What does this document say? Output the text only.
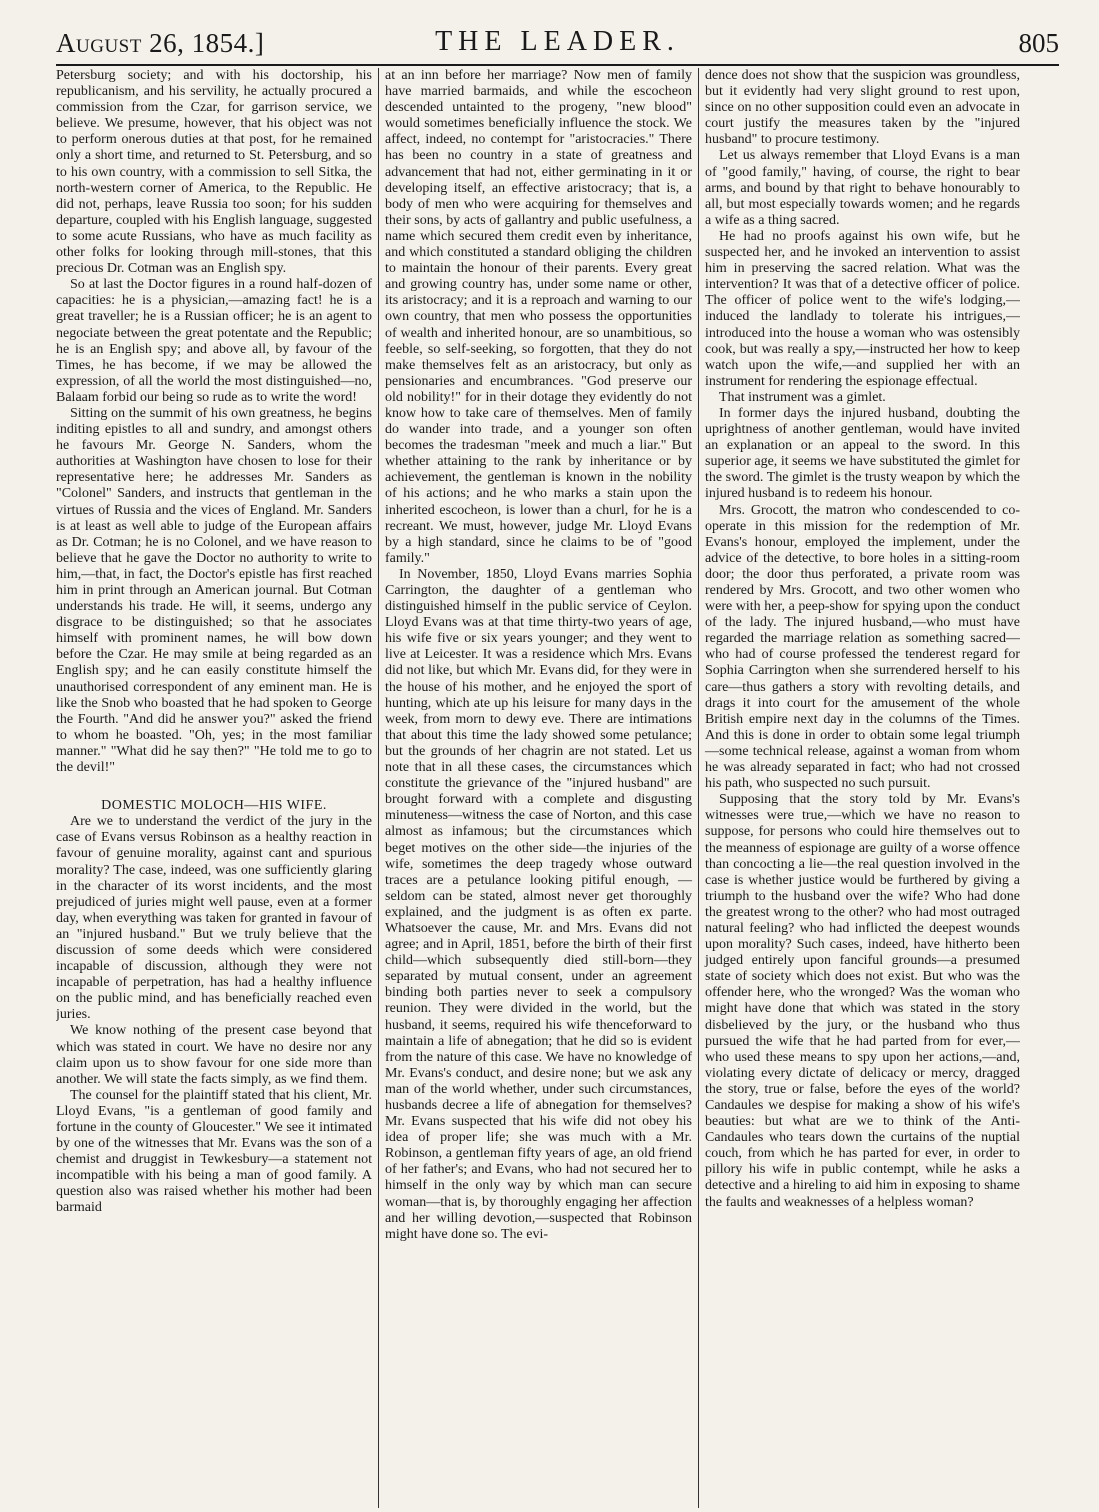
August 26, 1854.]	THE LEADER.	805

Petersburg society; and with his doctorship, his republicanism, and his servility, he actually procured a commission from the Czar, for garrison service, we believe. We presume, however, that his object was not to perform onerous duties at that post, for he remained only a short time, and returned to St. Petersburg, and so to his own country, with a commission to sell Sitka, the north-western corner of America, to the Republic. He did not, perhaps, leave Russia too soon; for his sudden departure, coupled with his English language, suggested to some acute Russians, who have as much facility as other folks for looking through mill-stones, that this precious Dr. Cotman was an English spy.

So at last the Doctor figures in a round half-dozen of capacities: he is a physician,—amazing fact! he is a great traveller; he is a Russian officer; he is an agent to negociate between the great potentate and the Republic; he is an English spy; and above all, by favour of the Times, he has become, if we may be allowed the expression, of all the world the most distinguished—no, Balaam forbid our being so rude as to write the word!

Sitting on the summit of his own greatness, he begins inditing epistles to all and sundry, and amongst others he favours Mr. George N. Sanders, whom the authorities at Washington have chosen to lose for their representative here; he addresses Mr. Sanders as "Colonel" Sanders, and instructs that gentleman in the virtues of Russia and the vices of England. Mr. Sanders is at least as well able to judge of the European affairs as Dr. Cotman; he is no Colonel, and we have reason to believe that he gave the Doctor no authority to write to him,—that, in fact, the Doctor's epistle has first reached him in print through an American journal. But Cotman understands his trade. He will, it seems, undergo any disgrace to be distinguished; so that he associates himself with prominent names, he will bow down before the Czar. He may smile at being regarded as an English spy; and he can easily constitute himself the unauthorised correspondent of any eminent man. He is like the Snob who boasted that he had spoken to George the Fourth. "And did he answer you?" asked the friend to whom he boasted. "Oh, yes; in the most familiar manner." "What did he say then?" "He told me to go to the devil!"

DOMESTIC MOLOCH—HIS WIFE.

Are we to understand the verdict of the jury in the case of Evans versus Robinson as a healthy reaction in favour of genuine morality, against cant and spurious morality? The case, indeed, was one sufficiently glaring in the character of its worst incidents, and the most prejudiced of juries might well pause, even at a former day, when everything was taken for granted in favour of an "injured husband." But we truly believe that the discussion of some deeds which were considered incapable of discussion, although they were not incapable of perpetration, has had a healthy influence on the public mind, and has beneficially reached even juries.

We know nothing of the present case beyond that which was stated in court. We have no desire nor any claim upon us to show favour for one side more than another. We will state the facts simply, as we find them.

The counsel for the plaintiff stated that his client, Mr. Lloyd Evans, "is a gentleman of good family and fortune in the county of Gloucester." We see it intimated by one of the witnesses that Mr. Evans was the son of a chemist and druggist in Tewkesbury—a statement not incompatible with his being a man of good family. A question also was raised whether his mother had been barmaid

at an inn before her marriage? Now men of family have married barmaids, and while the escocheon descended untainted to the progeny, "new blood" would sometimes beneficially influence the stock. We affect, indeed, no contempt for "aristocracies." There has been no country in a state of greatness and advancement that had not, either germinating in it or developing itself, an effective aristocracy; that is, a body of men who were acquiring for themselves and their sons, by acts of gallantry and public usefulness, a name which secured them credit even by inheritance, and which constituted a standard obliging the children to maintain the honour of their parents. Every great and growing country has, under some name or other, its aristocracy; and it is a reproach and warning to our own country, that men who possess the opportunities of wealth and inherited honour, are so unambitious, so feeble, so self-seeking, so forgotten, that they do not make themselves felt as an aristocracy, but only as pensionaries and encumbrances. "God preserve our old nobility!" for in their dotage they evidently do not know how to take care of themselves. Men of family do wander into trade, and a younger son often becomes the tradesman "meek and much a liar." But whether attaining to the rank by inheritance or by achievement, the gentleman is known in the nobility of his actions; and he who marks a stain upon the inherited escocheon, is lower than a churl, for he is a recreant. We must, however, judge Mr. Lloyd Evans by a high standard, since he claims to be of "good family."

In November, 1850, Lloyd Evans marries Sophia Carrington, the daughter of a gentleman who distinguished himself in the public service of Ceylon. Lloyd Evans was at that time thirty-two years of age, his wife five or six years younger; and they went to live at Leicester. It was a residence which Mrs. Evans did not like, but which Mr. Evans did, for they were in the house of his mother, and he enjoyed the sport of hunting, which ate up his leisure for many days in the week, from morn to dewy eve. There are intimations that about this time the lady showed some petulance; but the grounds of her chagrin are not stated. Let us note that in all these cases, the circumstances which constitute the grievance of the "injured husband" are brought forward with a complete and disgusting minuteness—witness the case of Norton, and this case almost as infamous; but the circumstances which beget motives on the other side—the injuries of the wife, sometimes the deep tragedy whose outward traces are a petulance looking pitiful enough, —seldom can be stated, almost never get thoroughly explained, and the judgment is as often ex parte. Whatsoever the cause, Mr. and Mrs. Evans did not agree; and in April, 1851, before the birth of their first child—which subsequently died still-born—they separated by mutual consent, under an agreement binding both parties never to seek a compulsory reunion. They were divided in the world, but the husband, it seems, required his wife thenceforward to maintain a life of abnegation; that he did so is evident from the nature of this case. We have no knowledge of Mr. Evans's conduct, and desire none; but we ask any man of the world whether, under such circumstances, husbands decree a life of abnegation for themselves? Mr. Evans suspected that his wife did not obey his idea of proper life; she was much with a Mr. Robinson, a gentleman fifty years of age, an old friend of her father's; and Evans, who had not secured her to himself in the only way by which man can secure woman—that is, by thoroughly engaging her affection and her willing devotion,—suspected that Robinson might have done so. The evi-

dence does not show that the suspicion was groundless, but it evidently had very slight ground to rest upon, since on no other supposition could even an advocate in court justify the measures taken by the "injured husband" to procure testimony.

Let us always remember that Lloyd Evans is a man of "good family," having, of course, the right to bear arms, and bound by that right to behave honourably to all, but most especially towards women; and he regards a wife as a thing sacred.

He had no proofs against his own wife, but he suspected her, and he invoked an intervention to assist him in preserving the sacred relation. What was the intervention? It was that of a detective officer of police. The officer of police went to the wife's lodging,—induced the landlady to tolerate his intrigues,—introduced into the house a woman who was ostensibly cook, but was really a spy,—instructed her how to keep watch upon the wife,—and supplied her with an instrument for rendering the espionage effectual.

That instrument was a gimlet.

In former days the injured husband, doubting the uprightness of another gentleman, would have invited an explanation or an appeal to the sword. In this superior age, it seems we have substituted the gimlet for the sword. The gimlet is the trusty weapon by which the injured husband is to redeem his honour.

Mrs. Grocott, the matron who condescended to co-operate in this mission for the redemption of Mr. Evans's honour, employed the implement, under the advice of the detective, to bore holes in a sitting-room door; the door thus perforated, a private room was rendered by Mrs. Grocott, and two other women who were with her, a peep-show for spying upon the conduct of the lady. The injured husband,—who must have regarded the marriage relation as something sacred—who had of course professed the tenderest regard for Sophia Carrington when she surrendered herself to his care—thus gathers a story with revolting details, and drags it into court for the amusement of the whole British empire next day in the columns of the Times. And this is done in order to obtain some legal triumph—some technical release, against a woman from whom he was already separated in fact; who had not crossed his path, who suspected no such pursuit.

Supposing that the story told by Mr. Evans's witnesses were true,—which we have no reason to suppose, for persons who could hire themselves out to the meanness of espionage are guilty of a worse offence than concocting a lie—the real question involved in the case is whether justice would be furthered by giving a triumph to the husband over the wife? Who had done the greatest wrong to the other? who had most outraged natural feeling? who had inflicted the deepest wounds upon morality? Such cases, indeed, have hitherto been judged entirely upon fanciful grounds—a presumed state of society which does not exist. But who was the offender here, who the wronged? Was the woman who might have done that which was stated in the story disbelieved by the jury, or the husband who thus pursued the wife that he had parted from for ever,—who used these means to spy upon her actions,—and, violating every dictate of delicacy or mercy, dragged the story, true or false, before the eyes of the world? Candaules we despise for making a show of his wife's beauties: but what are we to think of the Anti-Candaules who tears down the curtains of the nuptial couch, from which he has parted for ever, in order to pillory his wife in public contempt, while he asks a detective and a hireling to aid him in exposing to shame the faults and weaknesses of a helpless woman?
